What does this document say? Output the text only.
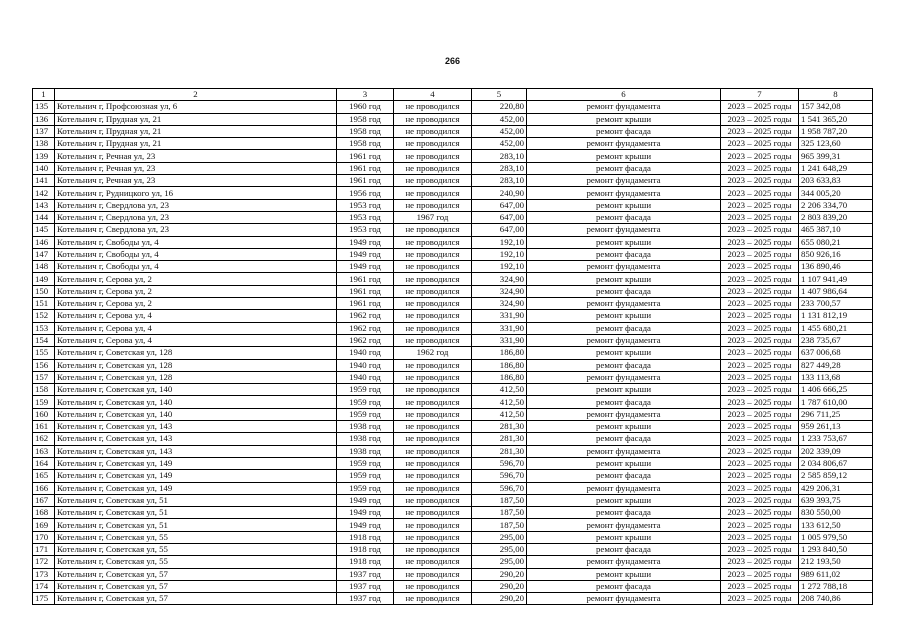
266
1	2	3	4	5	6	7	8
135	Котельнич г, Профсоюзная ул, 6	1960 год	не проводился	220,80	ремонт фундамента	2023 – 2025 годы	157 342,08
136	Котельнич г, Прудная ул, 21	1958 год	не проводился	452,00	ремонт крыши	2023 – 2025 годы	1 541 365,20
137	Котельнич г, Прудная ул, 21	1958 год	не проводился	452,00	ремонт фасада	2023 – 2025 годы	1 958 787,20
138	Котельнич г, Прудная ул, 21	1958 год	не проводился	452,00	ремонт фундамента	2023 – 2025 годы	325 123,60
139	Котельнич г, Речная ул, 23	1961 год	не проводился	283,10	ремонт крыши	2023 – 2025 годы	965 399,31
140	Котельнич г, Речная ул, 23	1961 год	не проводился	283,10	ремонт фасада	2023 – 2025 годы	1 241 648,29
141	Котельнич г, Речная ул, 23	1961 год	не проводился	283,10	ремонт фундамента	2023 – 2025 годы	203 633,83
142	Котельнич г, Рудницкого ул, 16	1956 год	не проводился	240,90	ремонт фундамента	2023 – 2025 годы	344 005,20
143	Котельнич г, Свердлова ул, 23	1953 год	не проводился	647,00	ремонт крыши	2023 – 2025 годы	2 206 334,70
144	Котельнич г, Свердлова ул, 23	1953 год	1967 год	647,00	ремонт фасада	2023 – 2025 годы	2 803 839,20
145	Котельнич г, Свердлова ул, 23	1953 год	не проводился	647,00	ремонт фундамента	2023 – 2025 годы	465 387,10
146	Котельнич г, Свободы ул, 4	1949 год	не проводился	192,10	ремонт крыши	2023 – 2025 годы	655 080,21
147	Котельнич г, Свободы ул, 4	1949 год	не проводился	192,10	ремонт фасада	2023 – 2025 годы	850 926,16
148	Котельнич г, Свободы ул, 4	1949 год	не проводился	192,10	ремонт фундамента	2023 – 2025 годы	136 890,46
149	Котельнич г, Серова ул, 2	1961 год	не проводился	324,90	ремонт крыши	2023 – 2025 годы	1 107 941,49
150	Котельнич г, Серова ул, 2	1961 год	не проводился	324,90	ремонт фасада	2023 – 2025 годы	1 407 986,64
151	Котельнич г, Серова ул, 2	1961 год	не проводился	324,90	ремонт фундамента	2023 – 2025 годы	233 700,57
152	Котельнич г, Серова ул, 4	1962 год	не проводился	331,90	ремонт крыши	2023 – 2025 годы	1 131 812,19
153	Котельнич г, Серова ул, 4	1962 год	не проводился	331,90	ремонт фасада	2023 – 2025 годы	1 455 680,21
154	Котельнич г, Серова ул, 4	1962 год	не проводился	331,90	ремонт фундамента	2023 – 2025 годы	238 735,67
155	Котельнич г, Советская ул, 128	1940 год	1962 год	186,80	ремонт крыши	2023 – 2025 годы	637 006,68
156	Котельнич г, Советская ул, 128	1940 год	не проводился	186,80	ремонт фасада	2023 – 2025 годы	827 449,28
157	Котельнич г, Советская ул, 128	1940 год	не проводился	186,80	ремонт фундамента	2023 – 2025 годы	133 113,68
158	Котельнич г, Советская ул, 140	1959 год	не проводился	412,50	ремонт крыши	2023 – 2025 годы	1 406 666,25
159	Котельнич г, Советская ул, 140	1959 год	не проводился	412,50	ремонт фасада	2023 – 2025 годы	1 787 610,00
160	Котельнич г, Советская ул, 140	1959 год	не проводился	412,50	ремонт фундамента	2023 – 2025 годы	296 711,25
161	Котельнич г, Советская ул, 143	1938 год	не проводился	281,30	ремонт крыши	2023 – 2025 годы	959 261,13
162	Котельнич г, Советская ул, 143	1938 год	не проводился	281,30	ремонт фасада	2023 – 2025 годы	1 233 753,67
163	Котельнич г, Советская ул, 143	1938 год	не проводился	281,30	ремонт фундамента	2023 – 2025 годы	202 339,09
164	Котельнич г, Советская ул, 149	1959 год	не проводился	596,70	ремонт крыши	2023 – 2025 годы	2 034 806,67
165	Котельнич г, Советская ул, 149	1959 год	не проводился	596,70	ремонт фасада	2023 – 2025 годы	2 585 859,12
166	Котельнич г, Советская ул, 149	1959 год	не проводился	596,70	ремонт фундамента	2023 – 2025 годы	429 206,31
167	Котельнич г, Советская ул, 51	1949 год	не проводился	187,50	ремонт крыши	2023 – 2025 годы	639 393,75
168	Котельнич г, Советская ул, 51	1949 год	не проводился	187,50	ремонт фасада	2023 – 2025 годы	830 550,00
169	Котельнич г, Советская ул, 51	1949 год	не проводился	187,50	ремонт фундамента	2023 – 2025 годы	133 612,50
170	Котельнич г, Советская ул, 55	1918 год	не проводился	295,00	ремонт крыши	2023 – 2025 годы	1 005 979,50
171	Котельнич г, Советская ул, 55	1918 год	не проводился	295,00	ремонт фасада	2023 – 2025 годы	1 293 840,50
172	Котельнич г, Советская ул, 55	1918 год	не проводился	295,00	ремонт фундамента	2023 – 2025 годы	212 193,50
173	Котельнич г, Советская ул, 57	1937 год	не проводился	290,20	ремонт крыши	2023 – 2025 годы	989 611,02
174	Котельнич г, Советская ул, 57	1937 год	не проводился	290,20	ремонт фасада	2023 – 2025 годы	1 272 788,18
175	Котельнич г, Советская ул, 57	1937 год	не проводился	290,20	ремонт фундамента	2023 – 2025 годы	208 740,86
